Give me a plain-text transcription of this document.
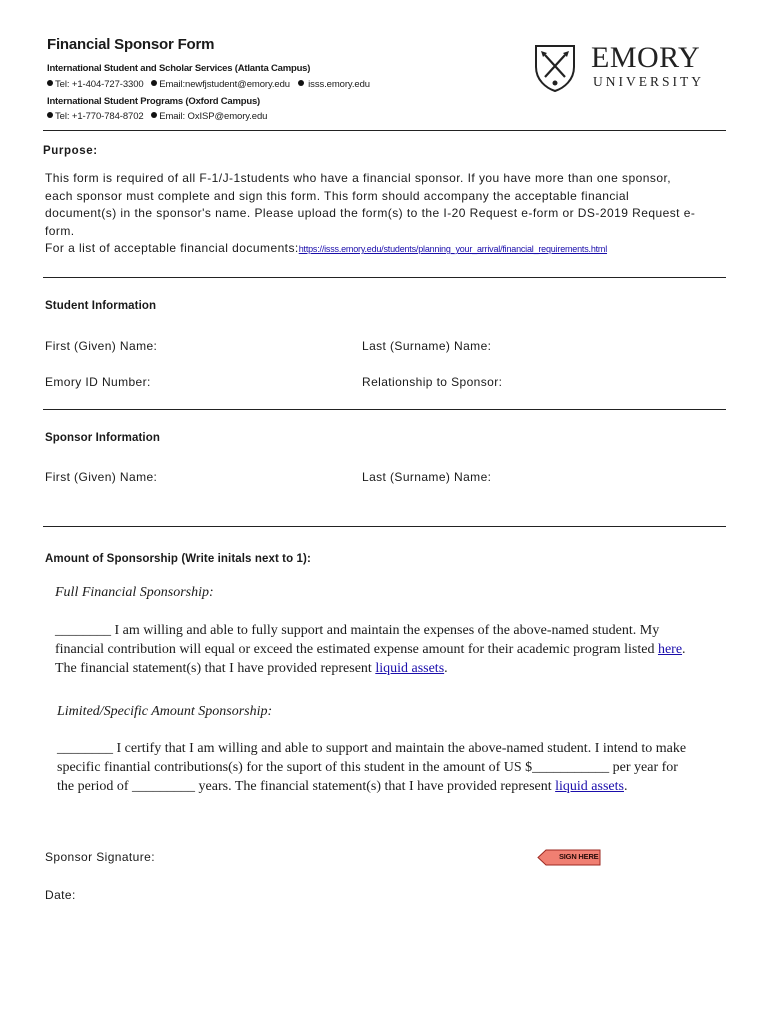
Financial Sponsor Form
International Student and Scholar Services (Atlanta Campus)
Tel: +1-404-727-3300 Email:newfjstudent@emory.edu isss.emory.edu
International Student Programs (Oxford Campus)
Tel: +1-770-784-8702 Email: OxISP@emory.edu
EMORY
UNIVERSITY
Purpose:
This form is required of all F-1/J-1students who have a financial sponsor. If you have more than one sponsor,
each sponsor must complete and sign this form. This form should accompany the acceptable financial
document(s) in the sponsor's name. Please upload the form(s) to the I-20 Request e-form or DS-2019 Request e-
form.
For a list of acceptable financial documents:https://isss.emory.edu/students/planning_your_arrival/financial_requirements.html
Student Information
First (Given) Name:	Last (Surname) Name:
Emory ID Number:	Relationship to Sponsor:
Sponsor Information
First (Given) Name:	Last (Surname) Name:
Amount of Sponsorship (Write initals next to 1):
Full Financial Sponsorship:
________ I am willing and able to fully support and maintain the expenses of the above-named student. My
financial contribution will equal or exceed the estimated expense amount for their academic program listed here.
The financial statement(s) that I have provided represent liquid assets.
Limited/Specific Amount Sponsorship:
________ I certify that I am willing and able to support and maintain the above-named student. I intend to make
specific finantial contributions(s) for the suport of this student in the amount of US $___________ per year for
the period of _________ years. The financial statement(s) that I have provided represent liquid assets.
Sponsor Signature:	SIGN HERE
Date:
